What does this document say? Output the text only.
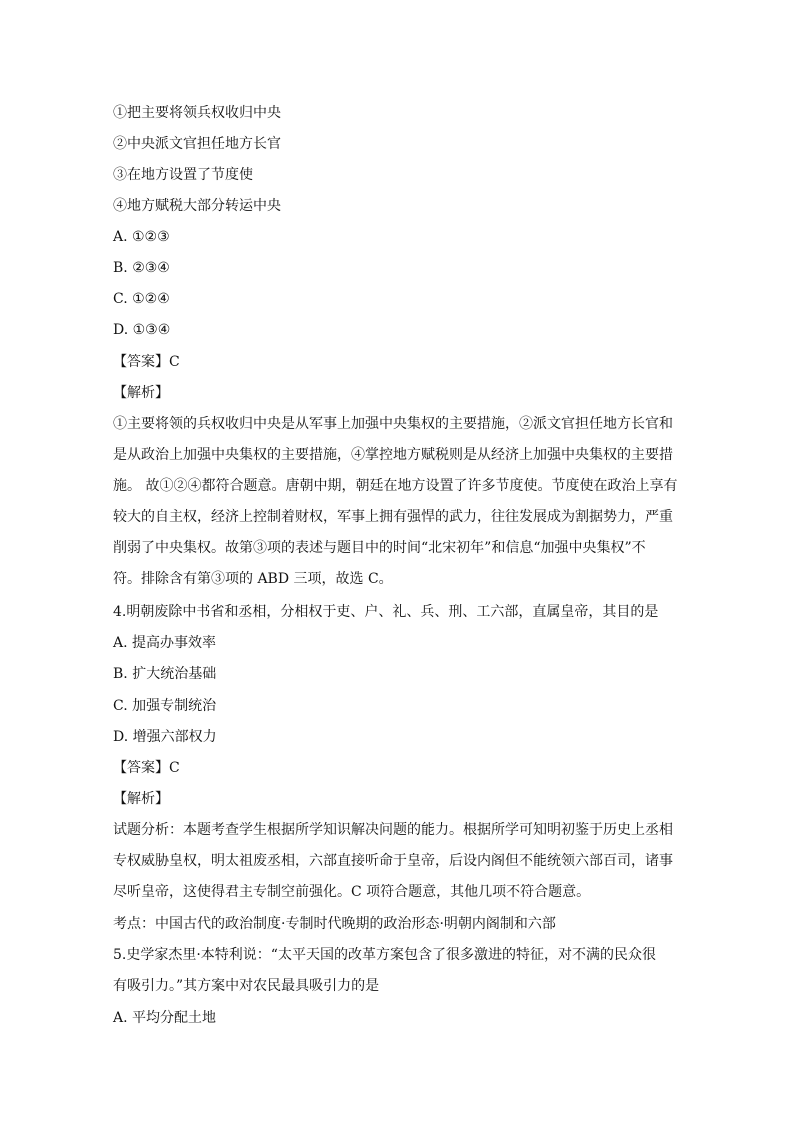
①把主要将领兵权收归中央
②中央派文官担任地方长官
③在地方设置了节度使
④地方赋税大部分转运中央
A. ①②③
B. ②③④
C. ①②④
D. ①③④
【答案】C
【解析】
①主要将领的兵权收归中央是从军事上加强中央集权的主要措施，②派文官担任地方长官和
是从政治上加强中央集权的主要措施，④掌控地方赋税则是从经济上加强中央集权的主要措
施。 故①②④都符合题意。唐朝中期，朝廷在地方设置了许多节度使。节度使在政治上享有
较大的自主权，经济上控制着财权，军事上拥有强悍的武力，往往发展成为割据势力，严重
削弱了中央集权。故第③项的表述与题目中的时间“北宋初年”和信息“加强中央集权”不
符。排除含有第③项的 ABD 三项，故选 C。
4.明朝废除中书省和丞相，分相权于吏、户、礼、兵、刑、工六部，直属皇帝，其目的是
A. 提高办事效率
B. 扩大统治基础
C. 加强专制统治
D. 增强六部权力
【答案】C
【解析】
试题分析：本题考查学生根据所学知识解决问题的能力。根据所学可知明初鉴于历史上丞相
专权威胁皇权，明太祖废丞相，六部直接听命于皇帝，后设内阁但不能统领六部百司，诸事
尽听皇帝，这使得君主专制空前强化。C 项符合题意，其他几项不符合题意。
考点：中国古代的政治制度·专制时代晚期的政治形态·明朝内阁制和六部
5.史学家杰里·本特利说：“太平天国的改革方案包含了很多激进的特征，对不满的民众很
有吸引力。”其方案中对农民最具吸引力的是
A. 平均分配土地
